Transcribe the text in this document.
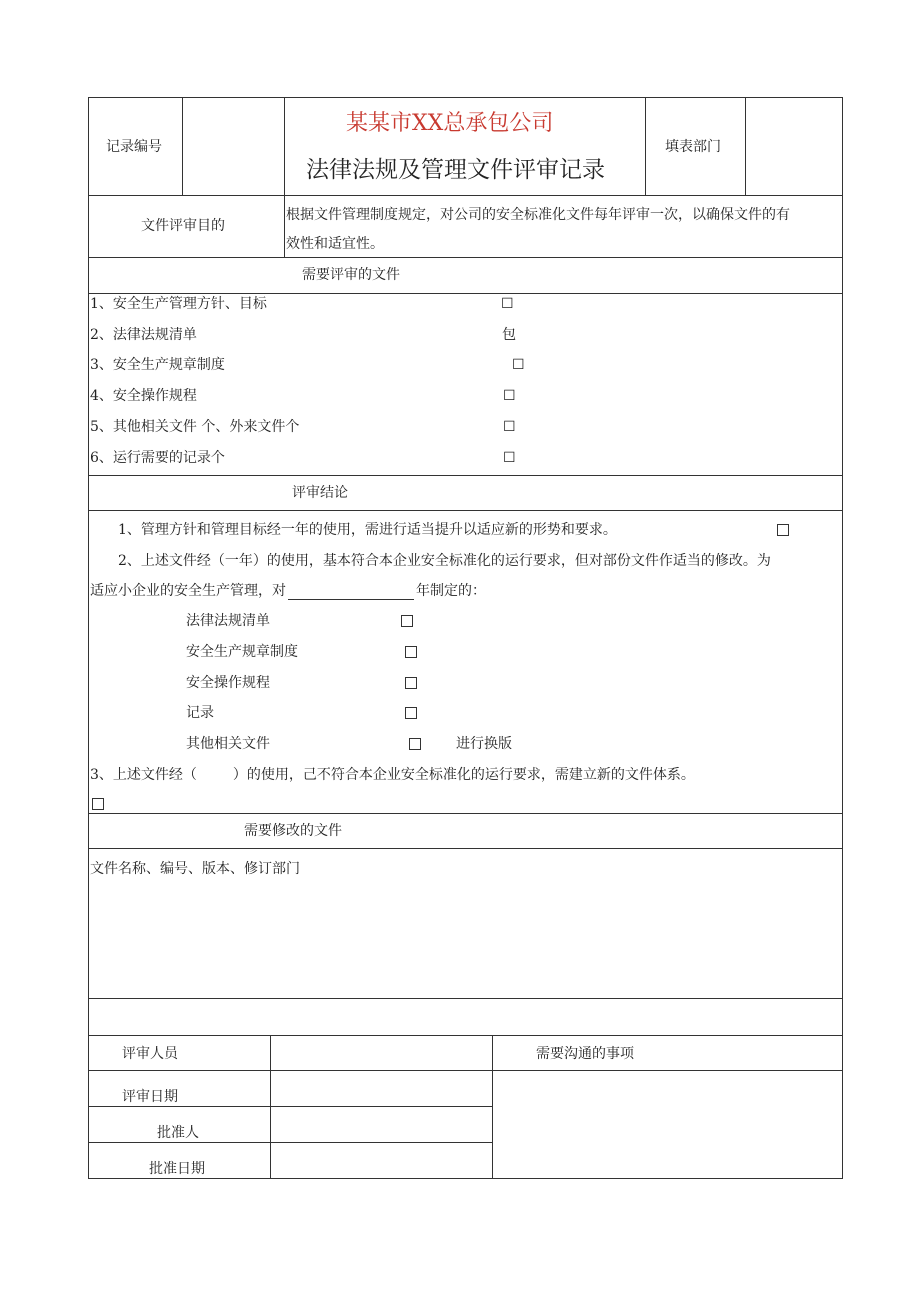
记录编号
某某市XX总承包公司
法律法规及管理文件评审记录
填表部门
文件评审目的
根据文件管理制度规定，对公司的安全标准化文件每年评审一次，以确保文件的有
效性和适宜性。
需要评审的文件
1、安全生产管理方针、目标	☐
2、法律法规清单	包
3、安全生产规章制度	☐
4、安全操作规程	☐
5、其他相关文件 个、外来文件个	☐
6、运行需要的记录个	☐
评审结论
1、管理方针和管理目标经一年的使用，需进行适当提升以适应新的形势和要求。
2、上述文件经（一年）的使用，基本符合本企业安全标准化的运行要求，但对部份文件作适当的修改。为
适应小企业的安全生产管理，对	年制定的：
法律法规清单
安全生产规章制度
安全操作规程
记录
其他相关文件	进行换版
3、上述文件经（	）的使用，己不符合本企业安全标准化的运行要求，需建立新的文件体系。
需要修改的文件
文件名称、编号、版本、修订部门
评审人员	需要沟通的事项
评审日期
批准人
批准日期
